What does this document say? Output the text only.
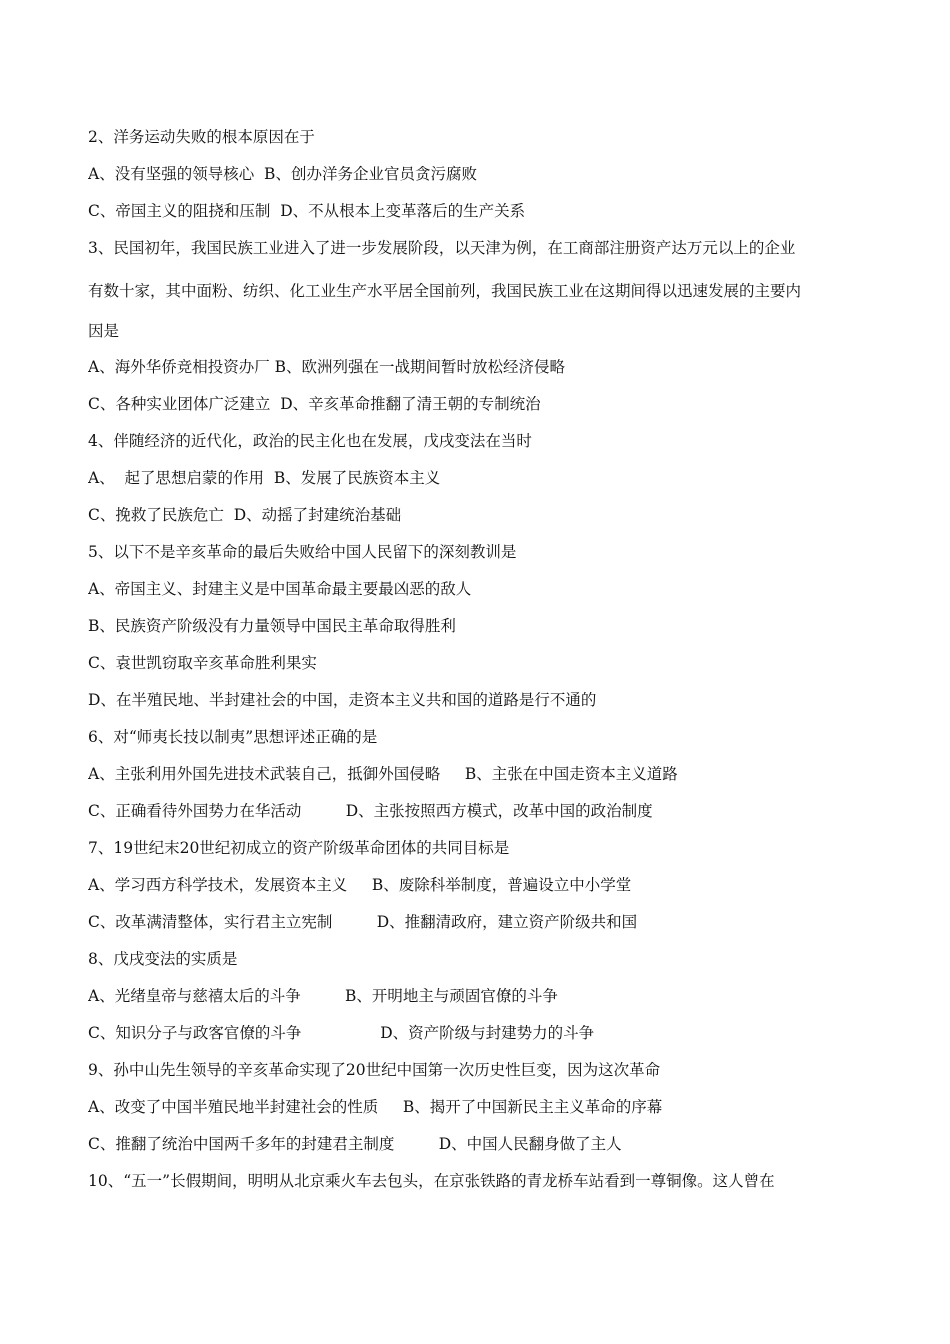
2、洋务运动失败的根本原因在于
A、没有坚强的领导核心  B、创办洋务企业官员贪污腐败
C、帝国主义的阻挠和压制  D、不从根本上变革落后的生产关系
3、民国初年，我国民族工业进入了进一步发展阶段，以天津为例，在工商部注册资产达万元以上的企业
有数十家，其中面粉、纺织、化工业生产水平居全国前列，我国民族工业在这期间得以迅速发展的主要内
因是
A、海外华侨竞相投资办厂 B、欧洲列强在一战期间暂时放松经济侵略
C、各种实业团体广泛建立  D、辛亥革命推翻了清王朝的专制统治
4、伴随经济的近代化，政治的民主化也在发展，戊戌变法在当时
A、  起了思想启蒙的作用  B、发展了民族资本主义
C、挽救了民族危亡  D、动摇了封建统治基础
5、以下不是辛亥革命的最后失败给中国人民留下的深刻教训是
A、帝国主义、封建主义是中国革命最主要最凶恶的敌人
B、民族资产阶级没有力量领导中国民主革命取得胜利
C、袁世凯窃取辛亥革命胜利果实
D、在半殖民地、半封建社会的中国，走资本主义共和国的道路是行不通的
6、对“师夷长技以制夷”思想评述正确的是
A、主张利用外国先进技术武装自己，抵御外国侵略     B、主张在中国走资本主义道路
C、正确看待外国势力在华活动         D、主张按照西方模式，改革中国的政治制度
7、19世纪末20世纪初成立的资产阶级革命团体的共同目标是
A、学习西方科学技术，发展资本主义     B、废除科举制度，普遍设立中小学堂
C、改革满清整体，实行君主立宪制         D、推翻清政府，建立资产阶级共和国
8、戊戌变法的实质是
A、光绪皇帝与慈禧太后的斗争         B、开明地主与顽固官僚的斗争
C、知识分子与政客官僚的斗争                D、资产阶级与封建势力的斗争
9、孙中山先生领导的辛亥革命实现了20世纪中国第一次历史性巨变，因为这次革命
A、改变了中国半殖民地半封建社会的性质     B、揭开了中国新民主主义革命的序幕
C、推翻了统治中国两千多年的封建君主制度         D、中国人民翻身做了主人
10、“五一”长假期间，明明从北京乘火车去包头，在京张铁路的青龙桥车站看到一尊铜像。这人曾在
